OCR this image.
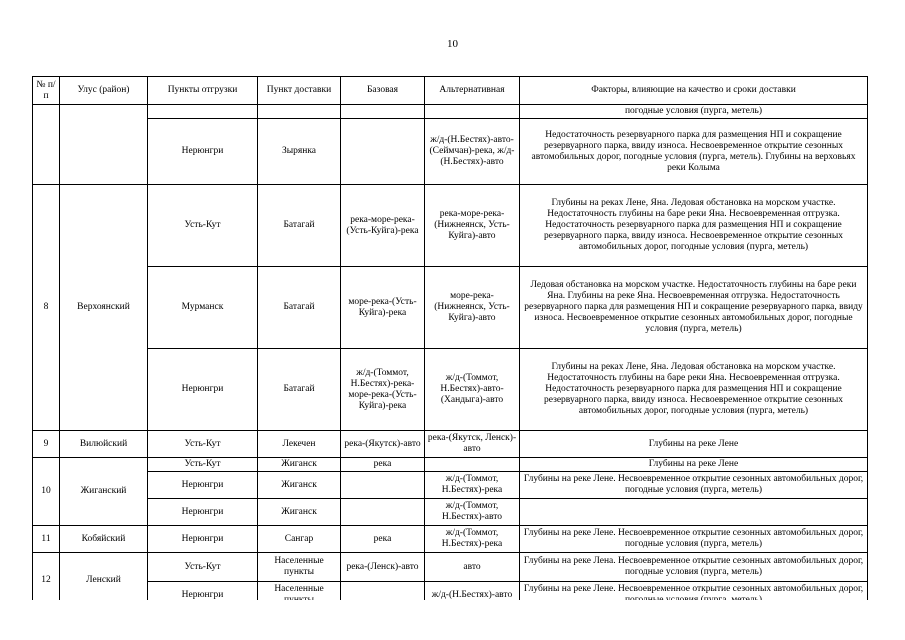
10
№ п/п	Улус (район)	Пункты отгрузки	Пункт доставки	Базовая	Альтернативная	Факторы, влияющие на качество и сроки доставки
						погодные условия (пурга, метель)
		Нерюнгри	Зырянка		ж/д-(Н.Бестях)-авто-(Сеймчан)-река, ж/д-(Н.Бестях)-авто	Недостаточность резервуарного парка для размещения НП и сокращение резервуарного парка, ввиду износа. Несвоевременное открытие сезонных автомобильных дорог, погодные условия (пурга, метель). Глубины на верховьях реки Колыма
8	Верхоянский	Усть-Кут	Батагай	река-море-река-(Усть-Куйга)-река	река-море-река-(Нижнеянск, Усть-Куйга)-авто	Глубины на реках Лене, Яна. Ледовая обстановка на морском участке. Недостаточность глубины на баре реки Яна. Несвоевременная отгрузка. Недостаточность резервуарного парка для размещения НП и сокращение резервуарного парка, ввиду износа. Несвоевременное открытие сезонных автомобильных дорог, погодные условия (пурга, метель)
		Мурманск	Батагай	море-река-(Усть-Куйга)-река	море-река-(Нижнеянск, Усть-Куйга)-авто	Ледовая обстановка на морском участке. Недостаточность глубины на баре реки Яна. Глубины на реке Яна. Несвоевременная отгрузка. Недостаточность резервуарного парка для размещения НП и сокращение резервуарного парка, ввиду износа. Несвоевременное открытие сезонных автомобильных дорог, погодные условия (пурга, метель)
		Нерюнгри	Батагай	ж/д-(Томмот, Н.Бестях)-река-море-река-(Усть-Куйга)-река	ж/д-(Томмот, Н.Бестях)-авто-(Хандыга)-авто	Глубины на реках Лене, Яна. Ледовая обстановка на морском участке. Недостаточность глубины на баре реки Яна. Несвоевременная отгрузка. Недостаточность резервуарного парка для размещения НП и сокращение резервуарного парка, ввиду износа. Несвоевременное открытие сезонных автомобильных дорог, погодные условия (пурга, метель)
9	Вилюйский	Усть-Кут	Лекечен	река-(Якутск)-авто	река-(Якутск, Ленск)-авто	Глубины на реке Лене
10	Жиганский	Усть-Кут	Жиганск	река		Глубины на реке Лене
		Нерюнгри	Жиганск		ж/д-(Томмот, Н.Бестях)-река	Глубины на реке Лене. Несвоевременное открытие сезонных автомобильных дорог, погодные условия (пурга, метель)
		Нерюнгри	Жиганск		ж/д-(Томмот, Н.Бестях)-авто	
11	Кобяйский	Нерюнгри	Сангар	река	ж/д-(Томмот, Н.Бестях)-река	Глубины на реке Лене. Несвоевременное открытие сезонных автомобильных дорог, погодные условия (пурга, метель)
12	Ленский	Усть-Кут	Населенные пункты	река-(Ленск)-авто	авто	Глубины на реке Лена. Несвоевременное открытие сезонных автомобильных дорог, погодные условия (пурга, метель)
		Нерюнгри	Населенные		ж/д-(Н.Бестях)-авто	Глубины на реке Лене. Несвоевременное открытие сезонных автомобильных дорог,
